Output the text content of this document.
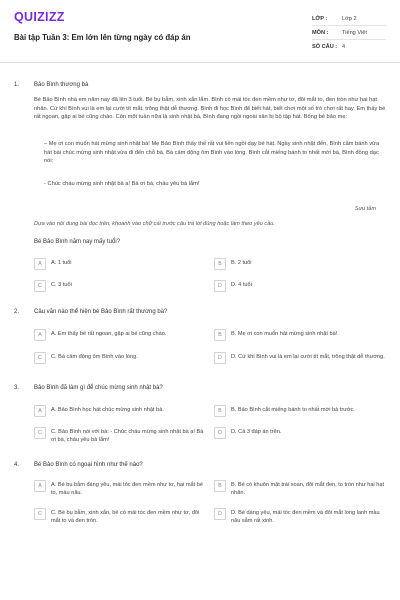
QUIZIZZ
Bài tập Tuần 3: Em lớn lên từng ngày có đáp án
LỚP :	Lớp 2
MÔN :	Tiếng Việt
SỐ CÂU : 4
1. Bảo Bình thương bà
Bé Bảo Bình nhà em năm nay đã lên 3 tuổi. Bé bụ bẫm, xinh xắn lắm. Bình có mái tóc đen mềm như tơ, đôi mắt to, đen tròn như hai hạt nhãn. Cứ khi Bình vui là em lại cười tít mắt, trông thật dễ thương. Bình đi học Bình để biết hát, biết chơi một số trò chơi rất hay. Em thấy bé rất ngoan, gặp ai bé cũng chào. Còn một tuần nữa là sinh nhật bà, Bình đang ngồi ngoài sân bị bộ tập hát. Bống bé bảo mẹ:
– Mẹ ơi con muốn hát mừng sinh nhật bà! Mẹ Bảo Bình thấy thế rất vui liền ngồi dạy bé hát. Ngày sinh nhật đến, Bình cầm bánh vừa hát bài chúc mừng sinh nhật vừa đi đến chỗ bà. Bà cảm động ôm Bình vào lòng. Bình cắt miếng bánh to nhất mời bà, Bình đồng dạc nói:
- Chúc cháu mừng sinh nhật bà ạ! Bà ơi bà, cháu yêu bà lắm!
Sưu tầm
Dựa vào nội dung bài đọc trên, khoanh vào chữ cái trước câu trả lời đúng hoặc làm theo yêu cầu.
Bé Bảo Bình năm nay mấy tuổi?
A	A. 1 tuổi	B	B. 2 tuổi
C	C. 3 tuổi	D	D. 4 tuổi
2. Câu văn nào thể hiện bé Bảo Bình rất thương bà?
A	A. Em thấy bé rất ngoan, gặp ai bé cũng chào.	B	B. Mẹ ơi con muốn hát mừng sinh nhật bà!
C	C. Bà cảm động ôm Bình vào lòng.	D	D. Cứ khi Bình vui là em lại cười tít mắt, trông thật dễ thương.
3. Bảo Bình đã làm gì để chúc mừng sinh nhật bà?
A	A. Bảo Bình học hát chúc mừng sinh nhật bà.	B	B. Bảo Bình cắt miếng bánh to nhất mời bà trước.
C	C. Bảo Bình nói với bà: - Chúc cháu mừng sinh nhật bà ạ! Bà ơi bà, cháu yêu bà lắm!
D	D. Cả 3 đáp án trên.
4. Bé Bảo Bình có ngoại hình như thế nào?
A	A. Bé bụ bẫm đáng yêu, mái tóc đen mềm như tơ, hai mắt bé to, màu nâu.
B	B. Bé có khuôn mặt trái xoan, đôi mắt đen, to tròn như hai hạt nhãn.
C	C. Bé bụ bẫm, xinh xắn, bé có mái tóc đen mềm như tơ, đôi mắt to và đen tròn.
D	D. Bé dáng yêu, mái tóc đen mềm và đôi mắt long lanh màu nâu sẫm rất xinh.
